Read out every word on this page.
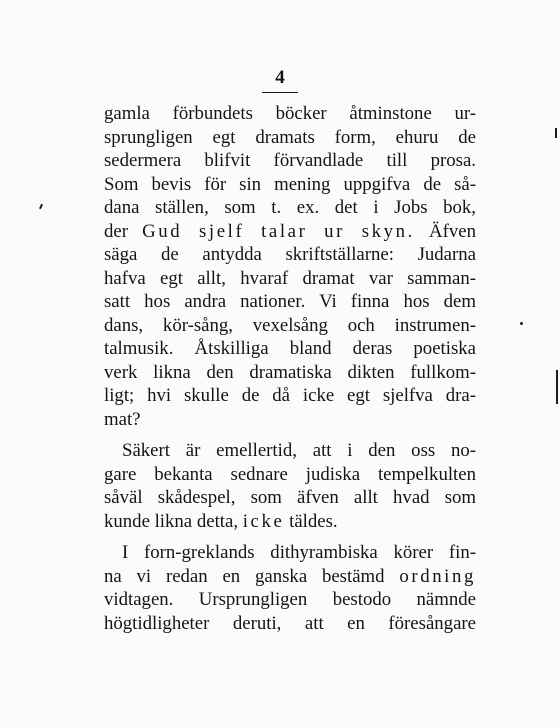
4
gamla förbundets böcker åtminstone ur-
sprungligen egt dramats form, ehuru de
sedermera blifvit förvandlade till prosa.
Som bevis för sin mening uppgifva de så-
dana ställen, som t. ex. det i Jobs bok,
der Gud sjelf talar ur skyn. Äfven
säga de antydda skriftställarne: Judarna
hafva egt allt, hvaraf dramat var samman-
satt hos andra nationer. Vi finna hos dem
dans, kör-sång, vexelsång och instrumen-
talmusik. Åtskilliga bland deras poetiska
verk likna den dramatiska dikten fullkom-
ligt; hvi skulle de då icke egt sjelfva dra-
mat?
Säkert är emellertid, att i den oss no-
gare bekanta sednare judiska tempelkulten
såväl skådespel, som äfven allt hvad som
kunde likna detta, icke täldes.
I forn-greklands dithyrambiska körer fin-
na vi redan en ganska bestämd ordning
vidtagen. Ursprungligen bestodo nämnde
högtidligheter deruti, att en föresångare
